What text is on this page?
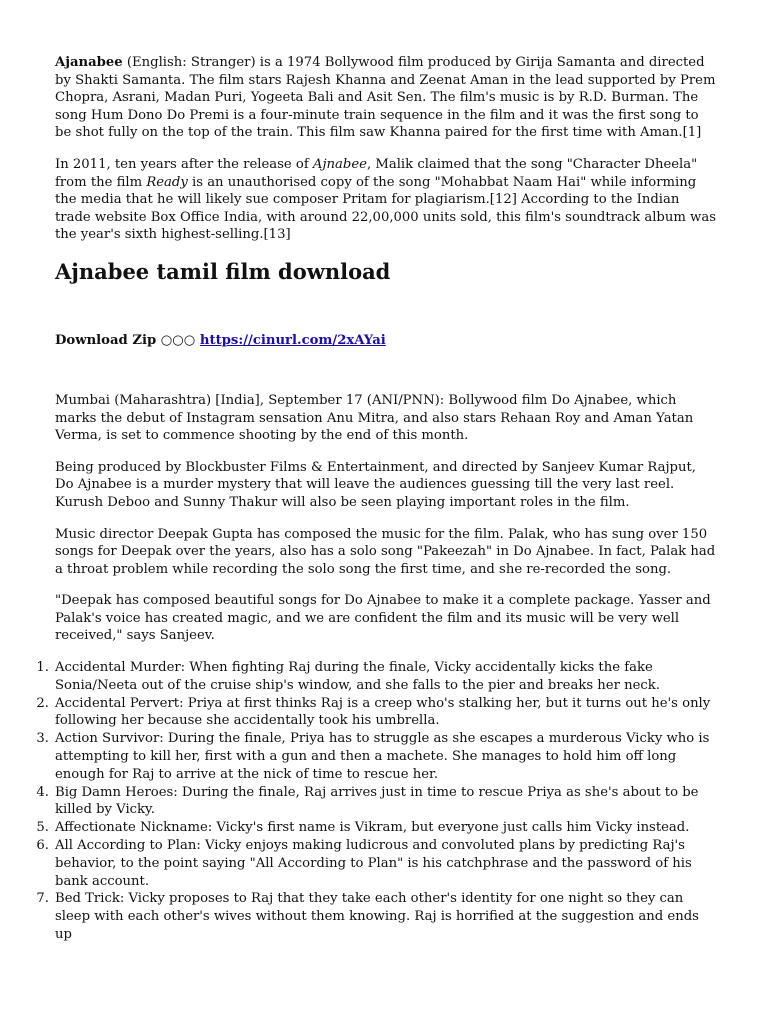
Ajanabee (English: Stranger) is a 1974 Bollywood film produced by Girija Samanta and directed by Shakti Samanta. The film stars Rajesh Khanna and Zeenat Aman in the lead supported by Prem Chopra, Asrani, Madan Puri, Yogeeta Bali and Asit Sen. The film's music is by R.D. Burman. The song Hum Dono Do Premi is a four-minute train sequence in the film and it was the first song to be shot fully on the top of the train. This film saw Khanna paired for the first time with Aman.[1]

In 2011, ten years after the release of Ajnabee, Malik claimed that the song "Character Dheela" from the film Ready is an unauthorised copy of the song "Mohabbat Naam Hai" while informing the media that he will likely sue composer Pritam for plagiarism.[12] According to the Indian trade website Box Office India, with around 22,00,000 units sold, this film's soundtrack album was the year's sixth highest-selling.[13]

Ajnabee tamil film download
Download Zip ○○○ https://cinurl.com/2xAYai

Mumbai (Maharashtra) [India], September 17 (ANI/PNN): Bollywood film Do Ajnabee, which marks the debut of Instagram sensation Anu Mitra, and also stars Rehaan Roy and Aman Yatan Verma, is set to commence shooting by the end of this month.

Being produced by Blockbuster Films & Entertainment, and directed by Sanjeev Kumar Rajput, Do Ajnabee is a murder mystery that will leave the audiences guessing till the very last reel. Kurush Deboo and Sunny Thakur will also be seen playing important roles in the film.

Music director Deepak Gupta has composed the music for the film. Palak, who has sung over 150 songs for Deepak over the years, also has a solo song "Pakeezah" in Do Ajnabee. In fact, Palak had a throat problem while recording the solo song the first time, and she re-recorded the song.

"Deepak has composed beautiful songs for Do Ajnabee to make it a complete package. Yasser and Palak's voice has created magic, and we are confident the film and its music will be very well received," says Sanjeev.

1. Accidental Murder: When fighting Raj during the finale, Vicky accidentally kicks the fake Sonia/Neeta out of the cruise ship's window, and she falls to the pier and breaks her neck.
2. Accidental Pervert: Priya at first thinks Raj is a creep who's stalking her, but it turns out he's only following her because she accidentally took his umbrella.
3. Action Survivor: During the finale, Priya has to struggle as she escapes a murderous Vicky who is attempting to kill her, first with a gun and then a machete. She manages to hold him off long enough for Raj to arrive at the nick of time to rescue her.
4. Big Damn Heroes: During the finale, Raj arrives just in time to rescue Priya as she's about to be killed by Vicky.
5. Affectionate Nickname: Vicky's first name is Vikram, but everyone just calls him Vicky instead.
6. All According to Plan: Vicky enjoys making ludicrous and convoluted plans by predicting Raj's behavior, to the point saying "All According to Plan" is his catchphrase and the password of his bank account.
7. Bed Trick: Vicky proposes to Raj that they take each other's identity for one night so they can sleep with each other's wives without them knowing. Raj is horrified at the suggestion and ends up
